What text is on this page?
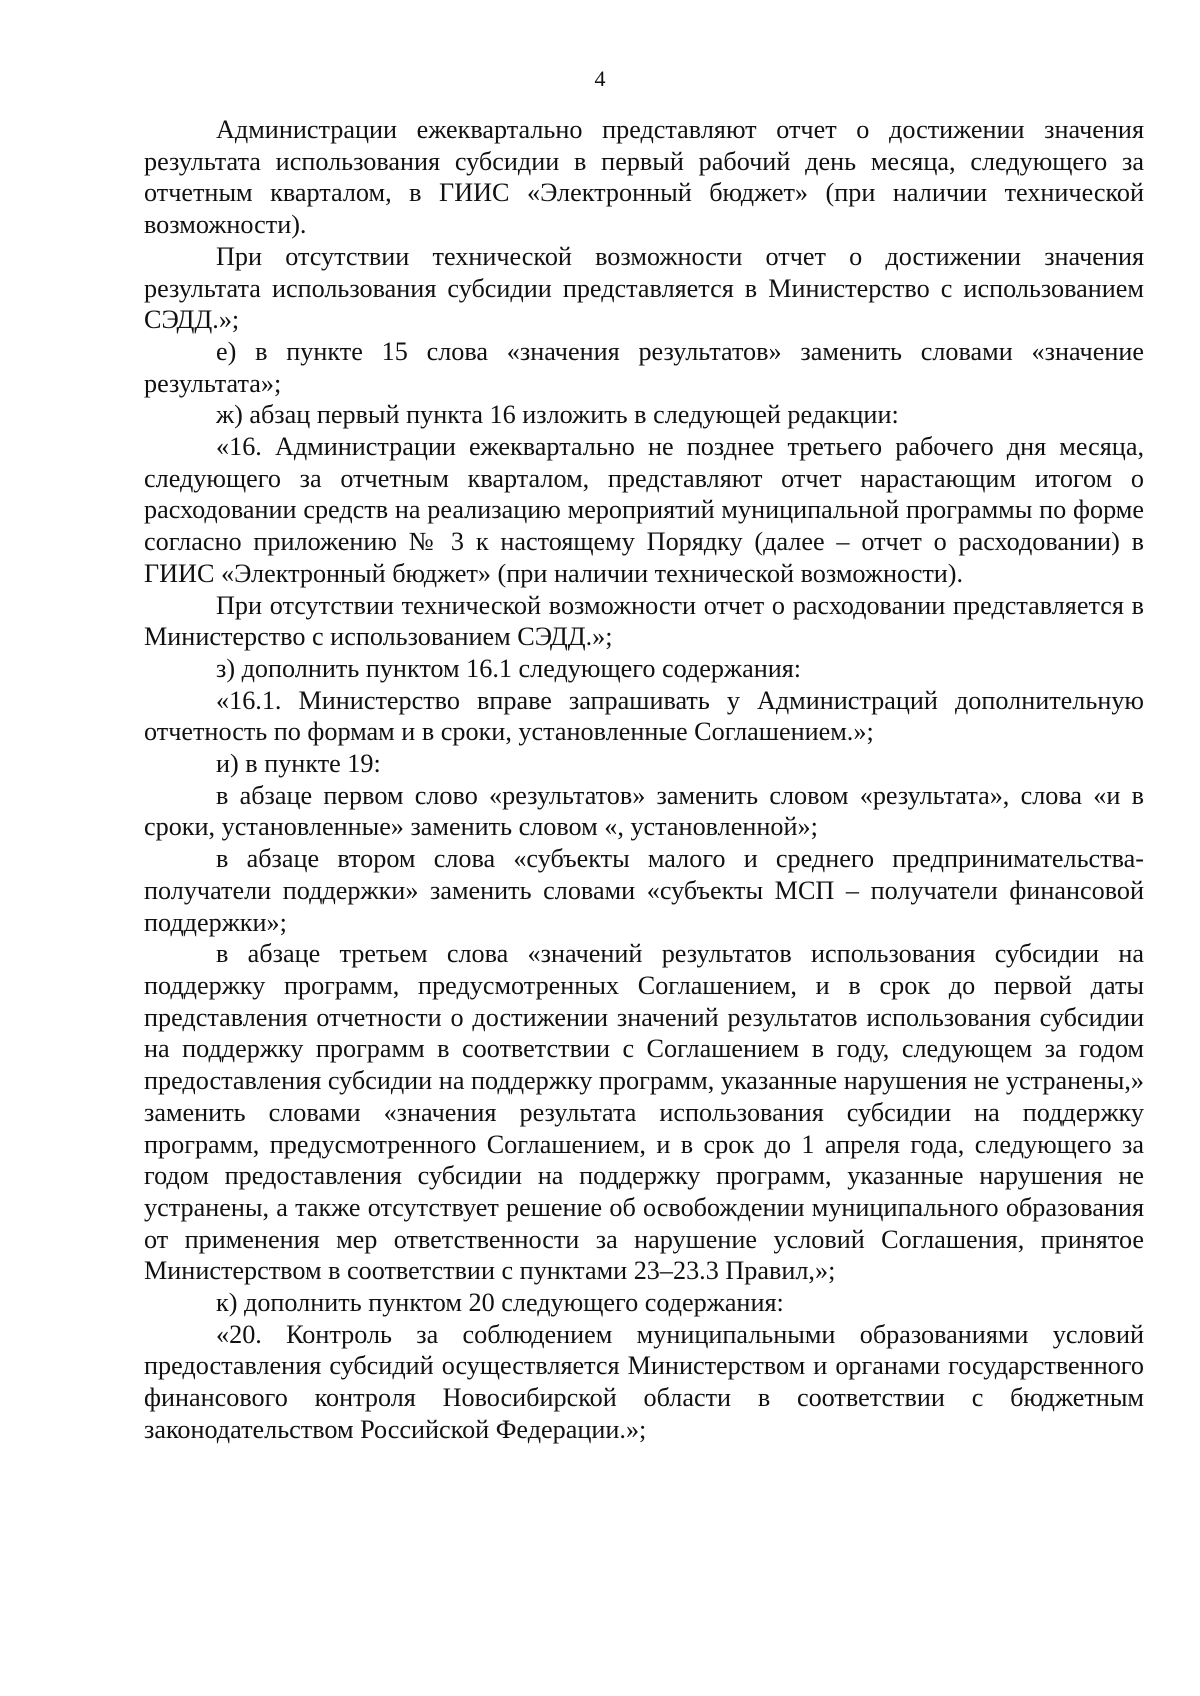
4

Администрации ежеквартально представляют отчет о достижении значения результата использования субсидии в первый рабочий день месяца, следующего за отчетным кварталом, в ГИИС «Электронный бюджет» (при наличии технической возможности).

При отсутствии технической возможности отчет о достижении значения результата использования субсидии представляется в Министерство с использованием СЭДД.»;

е) в пункте 15 слова «значения результатов» заменить словами «значение результата»;

ж) абзац первый пункта 16 изложить в следующей редакции:

«16. Администрации ежеквартально не позднее третьего рабочего дня месяца, следующего за отчетным кварталом, представляют отчет нарастающим итогом о расходовании средств на реализацию мероприятий муниципальной программы по форме согласно приложению № 3 к настоящему Порядку (далее – отчет о расходовании) в ГИИС «Электронный бюджет» (при наличии технической возможности).

При отсутствии технической возможности отчет о расходовании представляется в Министерство с использованием СЭДД.»;

з) дополнить пунктом 16.1 следующего содержания:

«16.1. Министерство вправе запрашивать у Администраций дополнительную отчетность по формам и в сроки, установленные Соглашением.»;

и) в пункте 19:

в абзаце первом слово «результатов» заменить словом «результата», слова «и в сроки, установленные» заменить словом «, установленной»;

в абзаце втором слова «субъекты малого и среднего предпринимательства-получатели поддержки» заменить словами «субъекты МСП – получатели финансовой поддержки»;

в абзаце третьем слова «значений результатов использования субсидии на поддержку программ, предусмотренных Соглашением, и в срок до первой даты представления отчетности о достижении значений результатов использования субсидии на поддержку программ в соответствии с Соглашением в году, следующем за годом предоставления субсидии на поддержку программ, указанные нарушения не устранены,» заменить словами «значения результата использования субсидии на поддержку программ, предусмотренного Соглашением, и в срок до 1 апреля года, следующего за годом предоставления субсидии на поддержку программ, указанные нарушения не устранены, а также отсутствует решение об освобождении муниципального образования от применения мер ответственности за нарушение условий Соглашения, принятое Министерством в соответствии с пунктами 23–23.3 Правил,»;

к) дополнить пунктом 20 следующего содержания:

«20. Контроль за соблюдением муниципальными образованиями условий предоставления субсидий осуществляется Министерством и органами государственного финансового контроля Новосибирской области в соответствии с бюджетным законодательством Российской Федерации.»;
